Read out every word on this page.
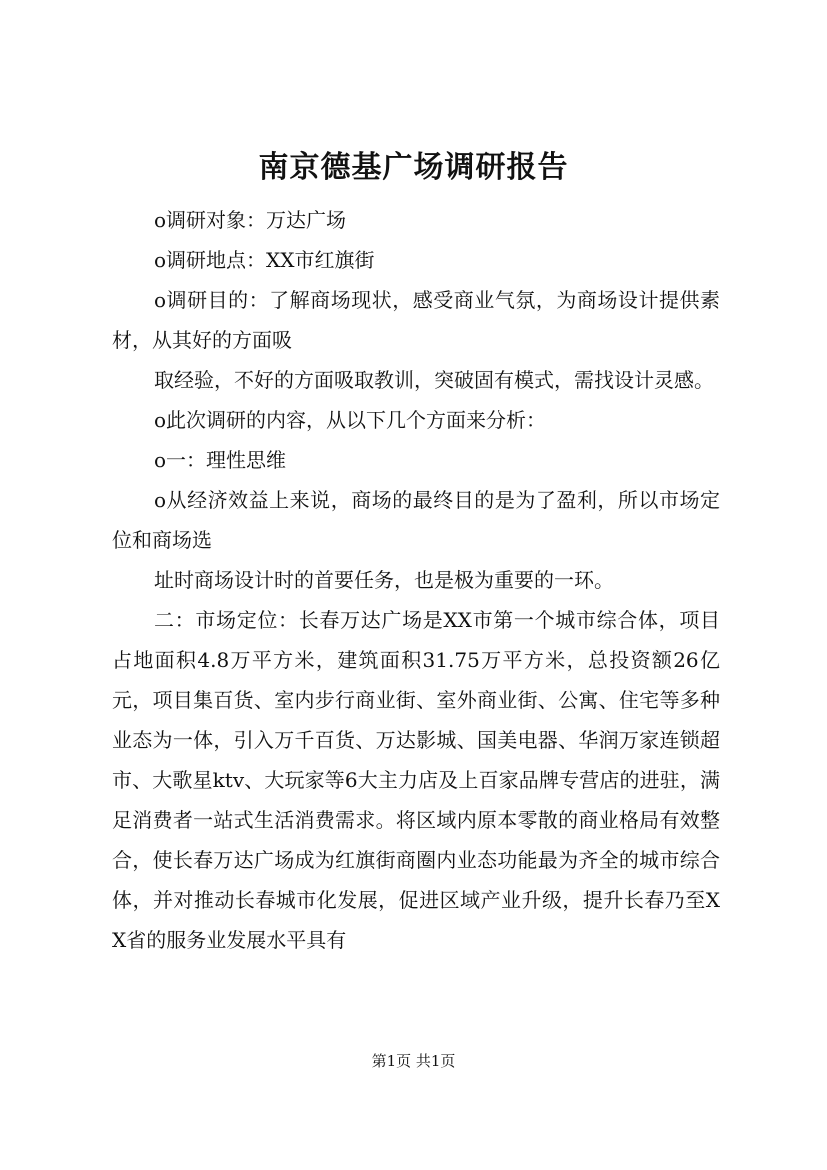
南京德基广场调研报告

o调研对象：万达广场

o调研地点：XX市红旗街

o调研目的：了解商场现状，感受商业气氛，为商场设计提供素材，从其好的方面吸

取经验，不好的方面吸取教训，突破固有模式，需找设计灵感。

o此次调研的内容，从以下几个方面来分析：

o一：理性思维

o从经济效益上来说，商场的最终目的是为了盈利，所以市场定位和商场选

址时商场设计时的首要任务，也是极为重要的一环。

二：市场定位：长春万达广场是XX市第一个城市综合体，项目占地面积4.8万平方米，建筑面积31.75万平方米，总投资额26亿元，项目集百货、室内步行商业街、室外商业街、公寓、住宅等多种业态为一体，引入万千百货、万达影城、国美电器、华润万家连锁超市、大歌星ktv、大玩家等6大主力店及上百家品牌专营店的进驻，满足消费者一站式生活消费需求。将区域内原本零散的商业格局有效整合，使长春万达广场成为红旗街商圈内业态功能最为齐全的城市综合体，并对推动长春城市化发展，促进区域产业升级，提升长春乃至XX省的服务业发展水平具有

第1页 共1页
